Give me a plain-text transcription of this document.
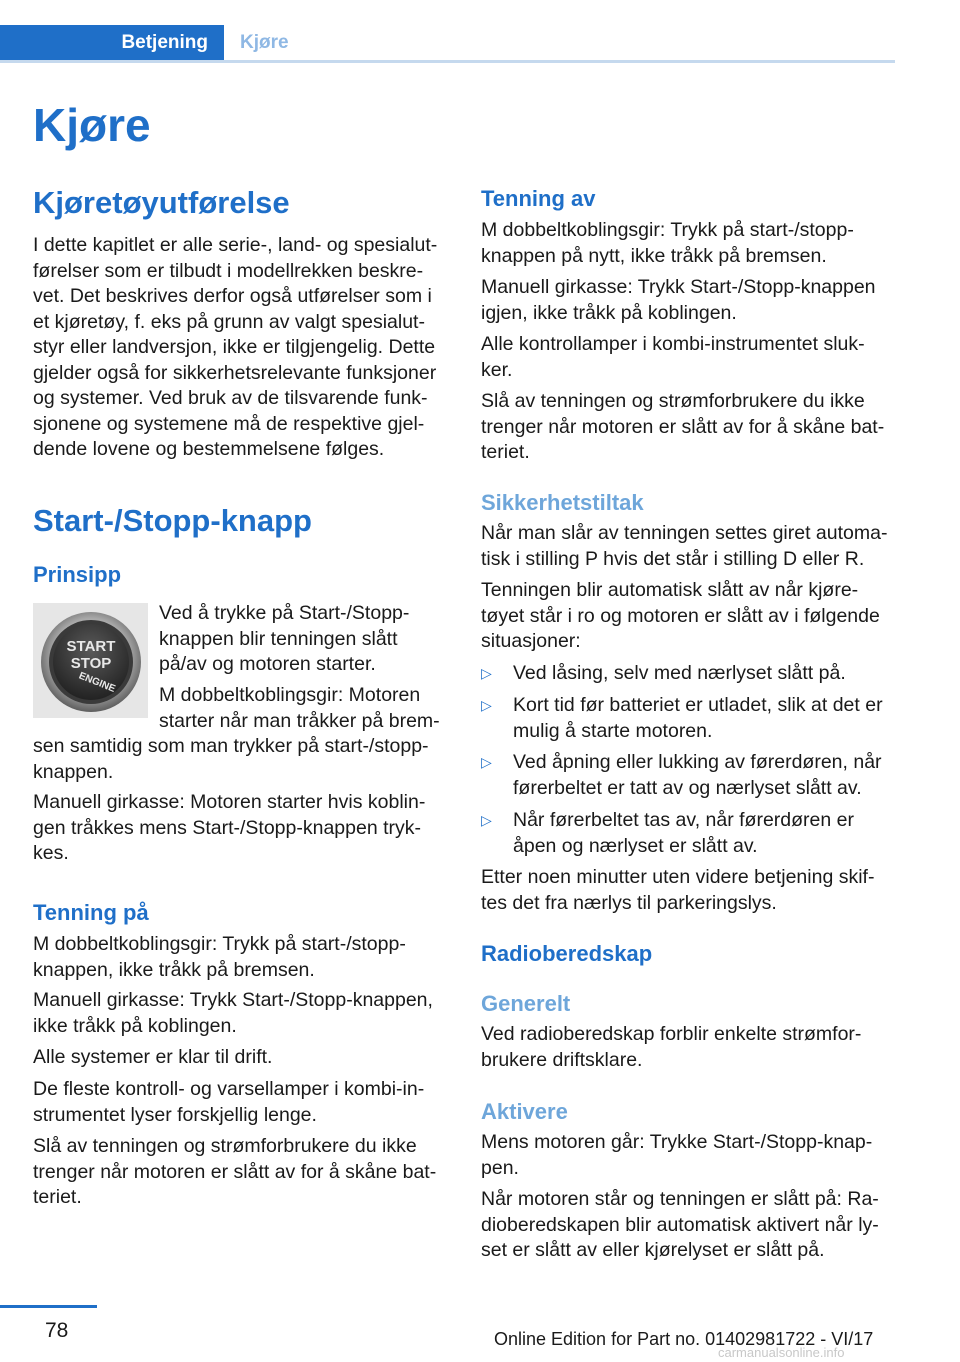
Betjening	Kjøre
Kjøre
Kjøretøyutførelse
I dette kapitlet er alle serie-, land- og spesialut-
førelser som er tilbudt i modellrekken beskre-
vet. Det beskrives derfor også utførelser som i
et kjøretøy, f. eks på grunn av valgt spesialut-
styr eller landversjon, ikke er tilgjengelig. Dette
gjelder også for sikkerhetsrelevante funksjoner
og systemer. Ved bruk av de tilsvarende funk-
sjonene og systemene må de respektive gjel-
dende lovene og bestemmelsene følges.
Start-/Stopp-knapp
Prinsipp
START
STOP
ENGINE
Ved å trykke på Start-/Stopp-
knappen blir tenningen slått
på/av og motoren starter.
M dobbeltkoblingsgir: Motoren
starter når man tråkker på brem-
sen samtidig som man trykker på start-/stopp-
knappen.
Manuell girkasse: Motoren starter hvis koblin-
gen tråkkes mens Start-/Stopp-knappen tryk-
kes.
Tenning på
M dobbeltkoblingsgir: Trykk på start-/stopp-
knappen, ikke tråkk på bremsen.
Manuell girkasse: Trykk Start-/Stopp-knappen,
ikke tråkk på koblingen.
Alle systemer er klar til drift.
De fleste kontroll- og varsellamper i kombi-in-
strumentet lyser forskjellig lenge.
Slå av tenningen og strømforbrukere du ikke
trenger når motoren er slått av for å skåne bat-
teriet.
Tenning av
M dobbeltkoblingsgir: Trykk på start-/stopp-
knappen på nytt, ikke tråkk på bremsen.
Manuell girkasse: Trykk Start-/Stopp-knappen
igjen, ikke tråkk på koblingen.
Alle kontrollamper i kombi-instrumentet sluk-
ker.
Slå av tenningen og strømforbrukere du ikke
trenger når motoren er slått av for å skåne bat-
teriet.
Sikkerhetstiltak
Når man slår av tenningen settes giret automa-
tisk i stilling P hvis det står i stilling D eller R.
Tenningen blir automatisk slått av når kjøre-
tøyet står i ro og motoren er slått av i følgende
situasjoner:
▷	Ved låsing, selv med nærlyset slått på.
▷	Kort tid før batteriet er utladet, slik at det er
mulig å starte motoren.
▷	Ved åpning eller lukking av førerdøren, når
førerbeltet er tatt av og nærlyset slått av.
▷	Når førerbeltet tas av, når førerdøren er
åpen og nærlyset er slått av.
Etter noen minutter uten videre betjening skif-
tes det fra nærlys til parkeringslys.
Radioberedskap
Generelt
Ved radioberedskap forblir enkelte strømfor-
brukere driftsklare.
Aktivere
Mens motoren går: Trykke Start-/Stopp-knap-
pen.
Når motoren står og tenningen er slått på: Ra-
dioberedskapen blir automatisk aktivert når ly-
set er slått av eller kjørelyset er slått på.
78	Online Edition for Part no. 01402981722 - VI/17
carmanualsonline.info
